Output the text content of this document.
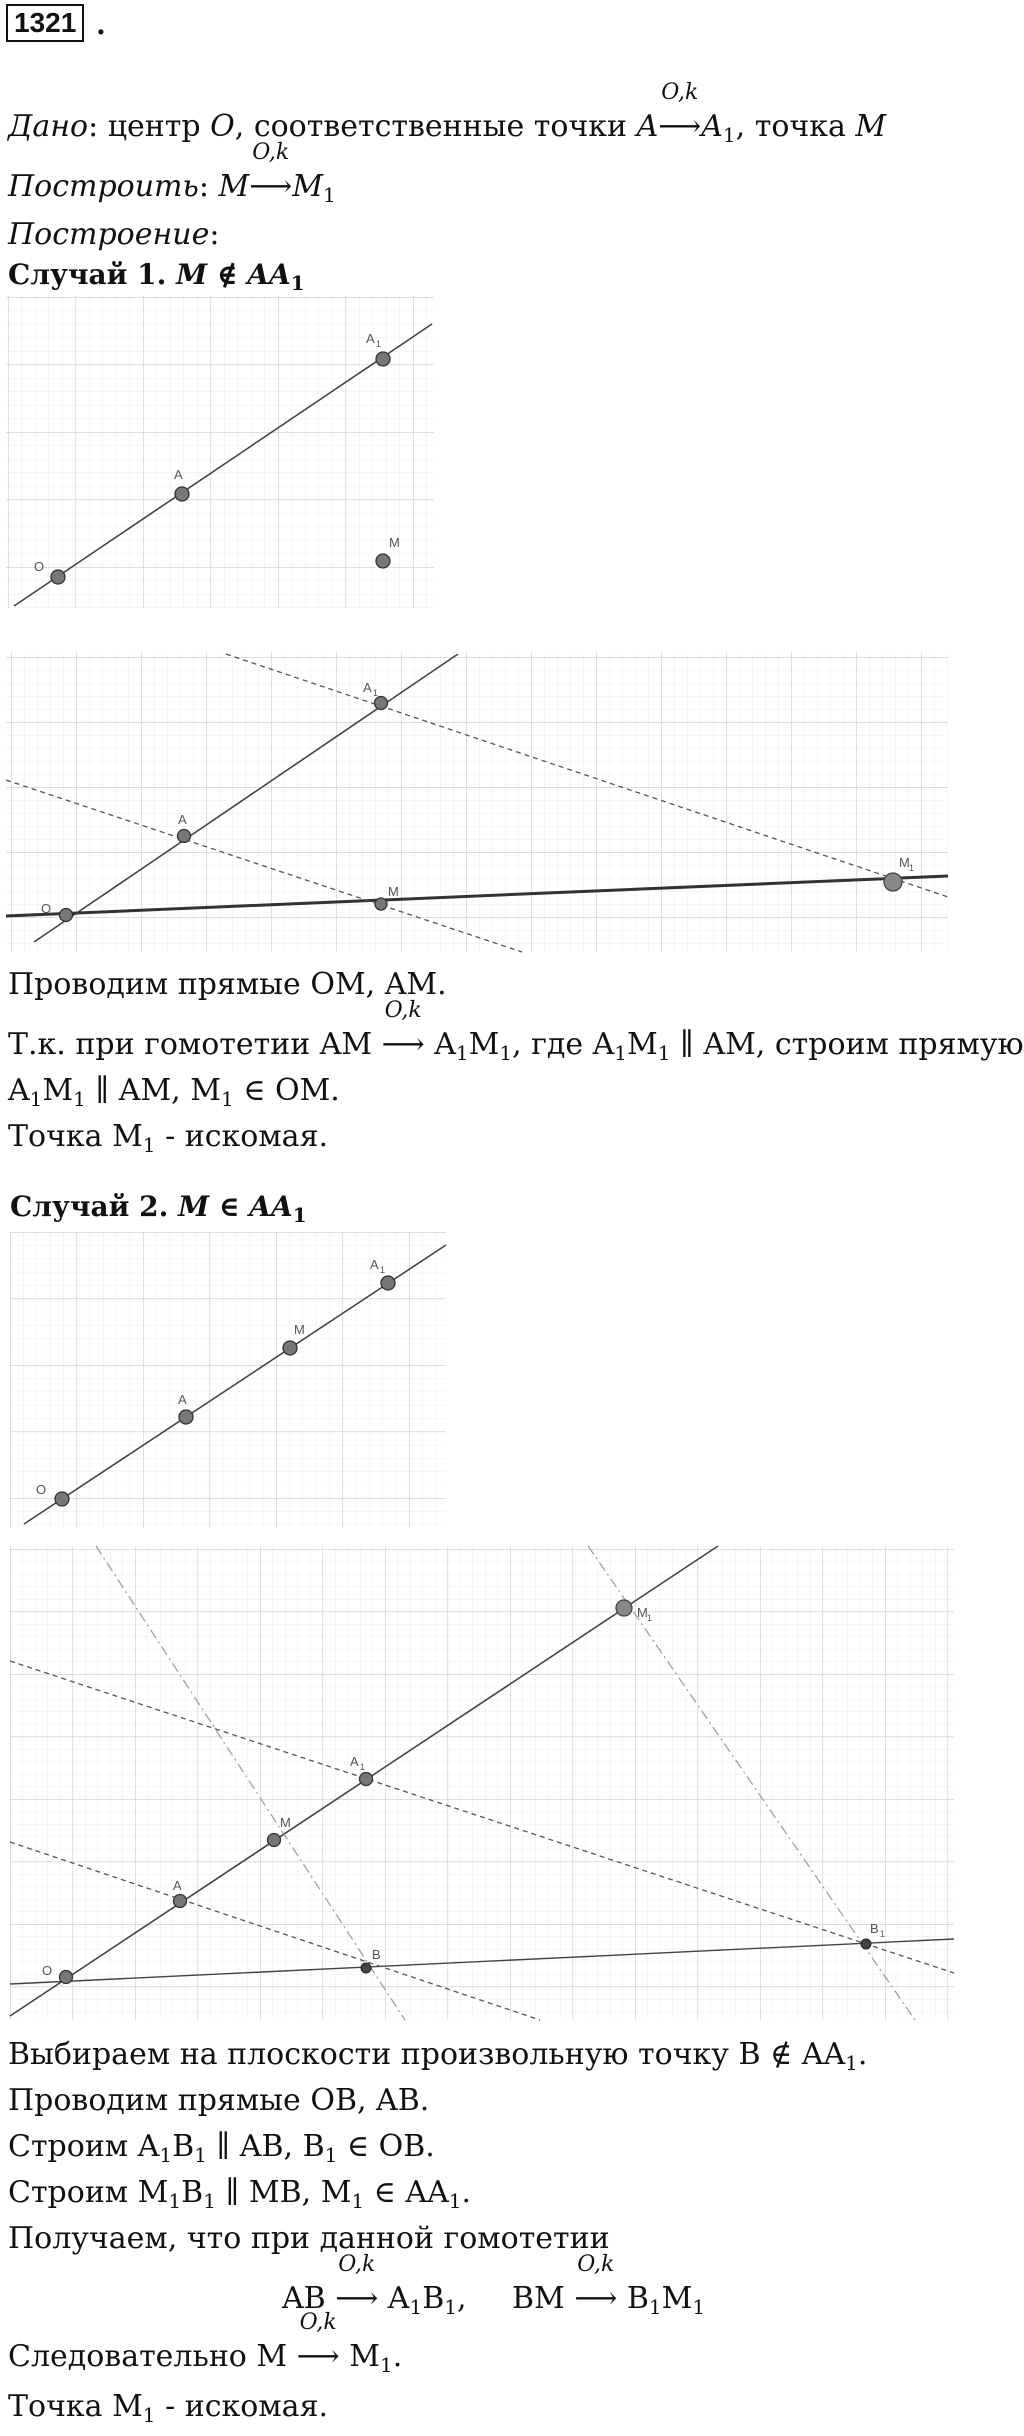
1321 .
Дано: центр O, соответственные точки A
O,k
$⟶A_1$, точка M
Построить: M
O,k
$⟶M_1$
Построение:
Случай 1. M ∉ $AA_1$
O
A
A 1
M
O
A
A 1
M
M 1
Проводим прямые OM, AM.
Т.к. при гомотетии AM
O,k
⟶ $A_1M_1$, где $A_1M_1$ ∥ AM, строим прямую
$A_1M_1$ ∥ AM, $M_1$ ∈ OM.
Точка $M_1$ - искомая.
Случай 2. M ∈ $AA_1$
O
A
M
A 1
O
A
M
A 1
M 1
B
B 1
Выбираем на плоскости произвольную точку B ∉ $AA_1$.
Проводим прямые OB, AB.
Строим $A_1B_1$ ∥ AB, $B_1$ ∈ OB.
Строим $M_1B_1$ ∥ MB, $M_1$ ∈ $AA_1$.
Получаем, что при данной гомотетии
AB
O,k
⟶ $A_1B_1$, BM
O,k
⟶ $B_1M_1$
Следовательно M
O,k
⟶ $M_1$.
Точка $M_1$ - искомая.
